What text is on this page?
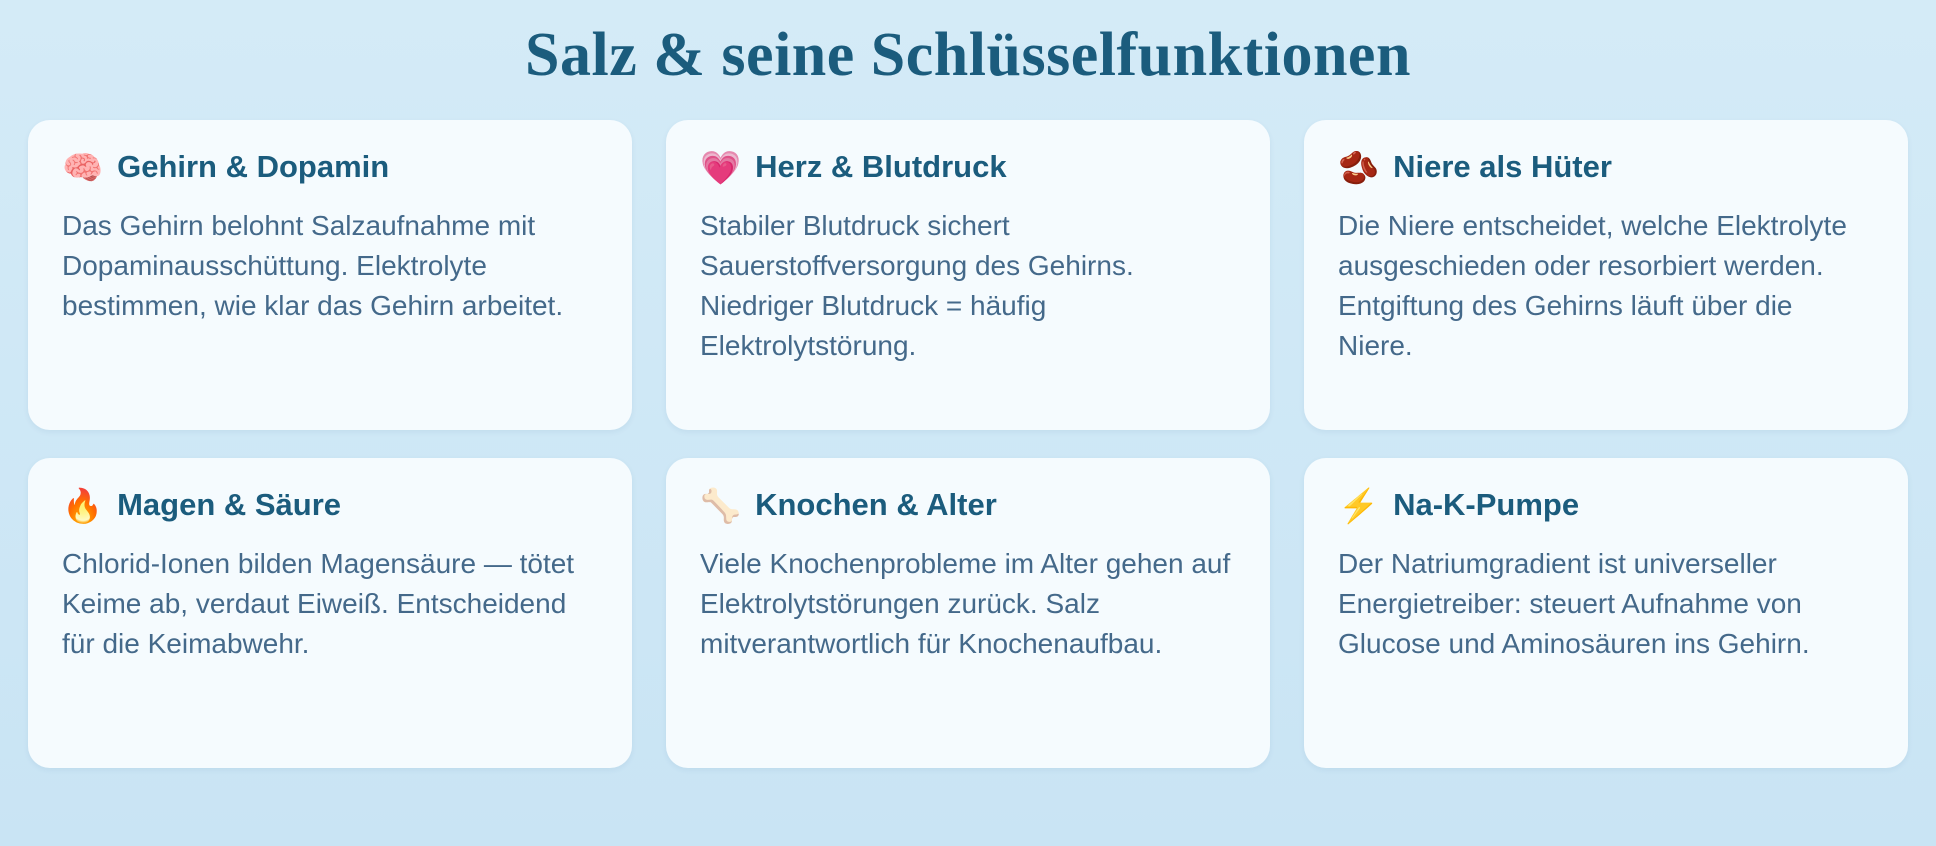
Salz & seine Schlüsselfunktionen
🧠 Gehirn & Dopamin
Das Gehirn belohnt Salzaufnahme mit Dopaminausschüttung. Elektrolyte bestimmen, wie klar das Gehirn arbeitet.
💗 Herz & Blutdruck
Stabiler Blutdruck sichert Sauerstoffversorgung des Gehirns. Niedriger Blutdruck = häufig Elektrolytstörung.
🫘 Niere als Hüter
Die Niere entscheidet, welche Elektrolyte ausgeschieden oder resorbiert werden. Entgiftung des Gehirns läuft über die Niere.
🔥 Magen & Säure
Chlorid-Ionen bilden Magensäure — tötet Keime ab, verdaut Eiweiß. Entscheidend für die Keimabwehr.
🦴 Knochen & Alter
Viele Knochenprobleme im Alter gehen auf Elektrolytstörungen zurück. Salz mitverantwortlich für Knochenaufbau.
⚡ Na-K-Pumpe
Der Natriumgradient ist universeller Energietreiber: steuert Aufnahme von Glucose und Aminosäuren ins Gehirn.
